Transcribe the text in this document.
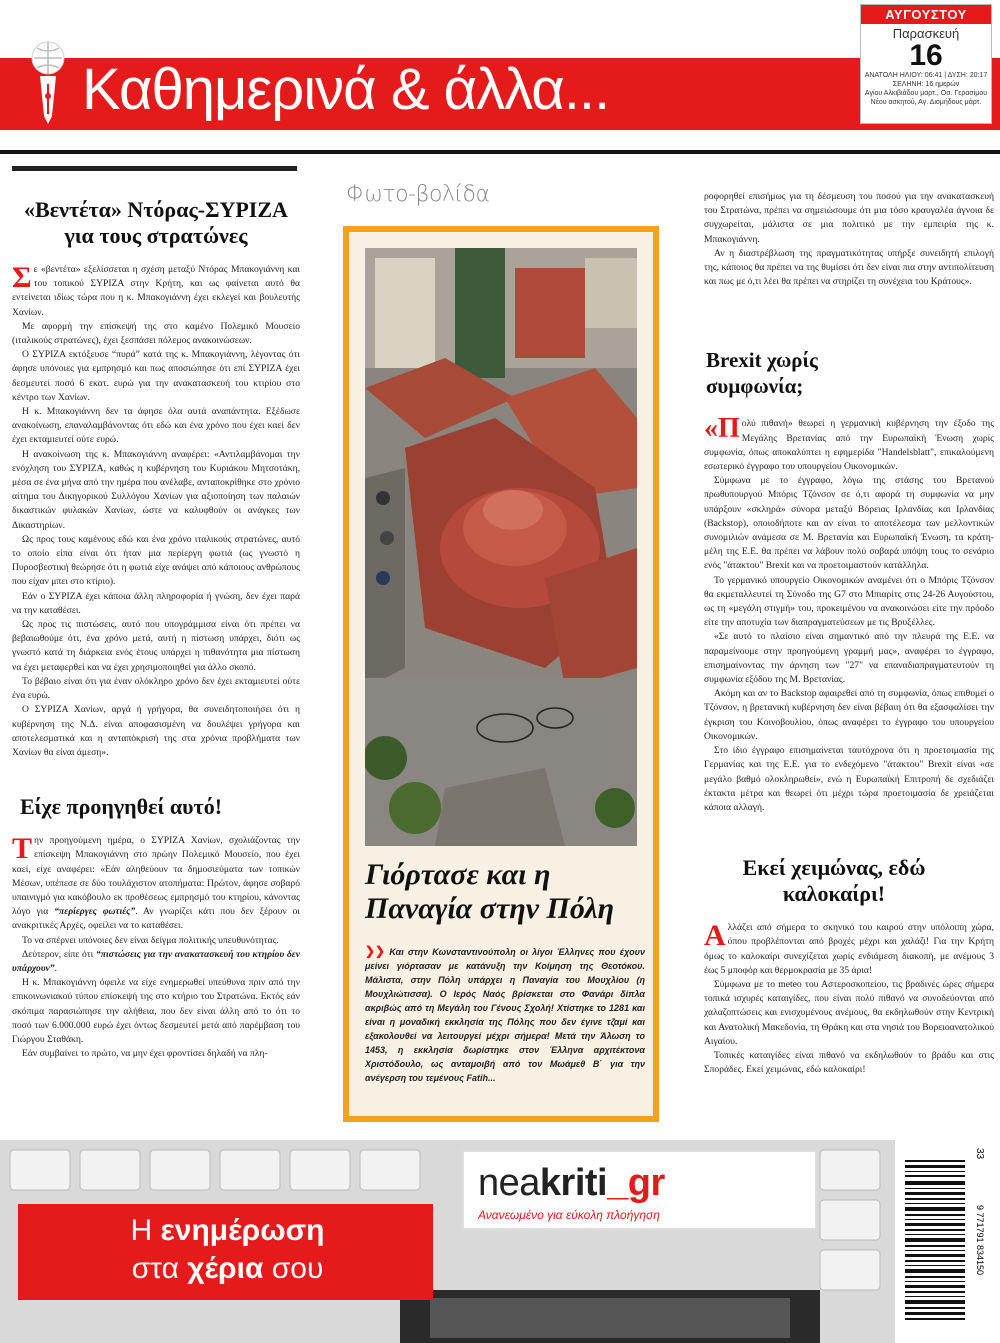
Καθημερινά & άλλα...
ΑΥΓΟΥΣΤΟΥ
Παρασκευή
16
ΑΝΑΤΟΛΗ ΗΛΙΟΥ: 06:41 | ΔΥΣΗ: 20:17
ΣΕΛΗΝΗ: 16 ημερών
Αγίου Αλκιβιάδου μαρτ., Οσ. Γερασίμου Νέου ασκητού, Αγ. Διομήδους μάρτ.
«Βεντέτα» Ντόρας-ΣΥΡΙΖΑ για τους στρατώνες
Σ ε «βεντέτα» εξελίσσεται η σχέση μεταξύ Ντόρας Μπακογιάννη και του τοπικού ΣΥΡΙΖΑ στην Κρήτη, και ως φαίνεται αυτό θα εντείνεται ιδίως τώρα που η κ. Μπακογιάννη έχει εκλεγεί και βουλευτής Χανίων.

Με αφορμή την επίσκεψή της στο καμένο Πολεμικό Μουσείο (ιταλικούς στρατώνες), έχει ξεσπάσει πόλεμος ανακοινώσεων.

Ο ΣΥΡΙΖΑ εκτόξευσε “πυρά” κατά της κ. Μπακογιάννη, λέγοντας ότι άφησε υπόνοιες για εμπρησμό και πως αποσιώπησε ότι επί ΣΥΡΙΖΑ έχει δεσμευτεί ποσό 6 εκατ. ευρώ για την ανακατασκευή του κτιρίου στο κέντρο των Χανίων.

Η κ. Μπακογιάννη δεν τα άφησε όλα αυτά αναπάντητα. Εξέδωσε ανακοίνωση, επαναλαμβάνοντας ότι εδώ και ένα χρόνο που έχει καεί δεν έχει εκταμιευτεί ούτε ευρώ.

Η ανακοίνωση της κ. Μπακογιάννη αναφέρει: «Αντιλαμβάνομαι την ενόχληση του ΣΥΡΙΖΑ, καθώς η κυβέρνηση του Κυριάκου Μητσοτάκη, μέσα σε ένα μήνα από την ημέρα που ανέλαβε, ανταποκρίθηκε στο χρόνιο αίτημα του Δικηγορικού Συλλόγου Χανίων για αξιοποίηση των παλαιών δικαστικών φυλακών Χανίων, ώστε να καλυφθούν οι ανάγκες των Δικαστηρίων.

Ως προς τους καμένους εδώ και ένα χρόνο ιταλικούς στρατώνες, αυτό το οποίο είπα είναι ότι ήταν μια περίεργη φωτιά (ως γνωστό η Πυροσβεστική θεώρησε ότι η φωτιά είχε ανάψει από κάποιους ανθρώπους που είχαν μπει στο κτίριο).

Εάν ο ΣΥΡΙΖΑ έχει κάποια άλλη πληροφορία ή γνώση, δεν έχει παρά να την καταθέσει.

Ως προς τις πιστώσεις, αυτό που υπογράμμισα είναι ότι πρέπει να βεβαιωθούμε ότι, ένα χρόνο μετά, αυτή η πίστωση υπάρχει, διότι ως γνωστό κατά τη διάρκεια ενός έτους υπάρχει η πιθανότητα μια πίστωση να έχει μεταφερθεί και να έχει χρησιμοποιηθεί για άλλο σκοπό.

Το βέβαιο είναι ότι για έναν ολόκληρο χρόνο δεν έχει εκταμιευτεί ούτε ένα ευρώ.

Ο ΣΥΡΙΖΑ Χανίων, αργά ή γρήγορα, θα συνειδητοποιήσει ότι η κυβέρνηση της Ν.Δ. είναι αποφασισμένη να δουλέψει γρήγορα και αποτελεσματικά και η ανταπόκρισή της στα χρόνια προβλήματα των Χανίων θα είναι άμεση».

Είχε προηγηθεί αυτό!
Τ ην προηγούμενη ημέρα, ο ΣΥΡΙΖΑ Χανίων, σχολιάζοντας την επίσκεψη Μπακογιάννη στο πρώην Πολεμικό Μουσείο, που έχει καεί, είχε αναφέρει: «Εάν αληθεύουν τα δημοσιεύματα των τοπικών Μέσων, υπέπεσε σε δύο τουλάχιστον ατοπήματα: Πρώτον, άφησε σοβαρό υπαινιγμό για κακόβουλο εκ προθέσεως εμπρησμό του κτηρίου, κάνοντας λόγο για “περίεργες φωτιές”. Αν γνωρίζει κάτι που δεν ξέρουν οι ανακριτικές Αρχές, οφείλει να το καταθέσει.

Το να σπέρνει υπόνοιες δεν είναι δείγμα πολιτικής υπευθυνότητας.

Δεύτερον, είπε ότι “πιστώσεις για την ανακατασκευή του κτηρίου δεν υπάρχουν”.

Η κ. Μπακογιάννη όφειλε να είχε ενημερωθεί υπεύθυνα πριν από την επικοινωνιακού τύπου επίσκεψή της στο κτήριο του Στρατώνα. Εκτός εάν σκόπιμα παρασιώπησε την αλήθεια, που δεν είναι άλλη από το ότι το ποσό των 6.000.000 ευρώ έχει όντως δεσμευτεί μετά από παρέμβαση του Γιώργου Σταθάκη.

Εάν συμβαίνει το πρώτο, να μην έχει φροντίσει δηλαδή να πλη-

Φωτο-βολίδα
Γιόρτασε και η Παναγία στην Πόλη
❯❯ Και στην Κωνσταντινούπολη οι λίγοι Έλληνες που έχουν μείνει γιόρτασαν με κατάνυξη την Κοίμηση της Θεοτόκου. Μάλιστα, στην Πόλη υπάρχει η Παναγία του Μουχλίου (η Μουχλιώτισσα). Ο Ιερός Ναός βρίσκεται στο Φανάρι δίπλα ακριβώς από τη Μεγάλη του Γένους Σχολή! Χτίστηκε το 1281 και είναι η μοναδική εκκλησία της Πόλης που δεν έγινε τζαμί και εξακολουθεί να λειτουργεί μέχρι σήμερα! Μετά την Άλωση το 1453, η εκκλησία δωρίστηκε στον Έλληνα αρχιτέκτονα Χριστόδουλο, ως ανταμοιβή από τον Μωάμεθ Β΄ για την ανέγερση του τεμένους Fatih...

ροφορηθεί επισήμως για τη δέσμευση του ποσού για την ανακατασκευή του Στρατώνα, πρέπει να σημειώσουμε ότι μια τόσο κραυγαλέα άγνοια δε συγχωρείται, μάλιστα σε μια πολιτικό με την εμπειρία της κ. Μπακογιάννη.

Αν η διαστρέβλωση της πραγματικότητας υπήρξε συνειδητή επιλογή της, κάποιος θα πρέπει να της θυμίσει ότι δεν είναι πια στην αντιπολίτευση και πως με ό,τι λέει θα πρέπει να στηρίζει τη συνέχεια του Κράτους».

Brexit χωρίς συμφωνία;
«Π ολύ πιθανή» θεωρεί η γερμανική κυβέρνηση την έξοδο της Μεγάλης Βρετανίας από την Ευρωπαϊκή Ένωση χωρίς συμφωνία, όπως αποκαλύπτει η εφημερίδα "Handelsblatt", επικαλούμενη εσωτερικό έγγραφο του υπουργείου Οικονομικών.

Σύμφωνα με το έγγραφο, λόγω της στάσης του Βρετανού πρωθυπουργού Μπόρις Τζόνσον σε ό,τι αφορά τη συμφωνία να μην υπάρξουν «σκληρά» σύνορα μεταξύ Βόρειας Ιρλανδίας και Ιρλανδίας (Backstop), οποιοδήποτε και αν είναι το αποτέλεσμα των μελλοντικών συνομιλιών ανάμεσα σε Μ. Βρετανία και Ευρωπαϊκή Ένωση, τα κράτη-μέλη της Ε.Ε. θα πρέπει να λάβουν πολύ σοβαρά υπόψη τους το σενάριο ενός "άτακτου" Brexit και να προετοιμαστούν κατάλληλα.

Το γερμανικό υπουργείο Οικονομικών αναμένει ότι ο Μπόρις Τζόνσον θα εκμεταλλευτεί τη Σύνοδο της G7 στο Μπιαρίτς στις 24-26 Αυγούστου, ως τη «μεγάλη στιγμή» του, προκειμένου να ανακοινώσει είτε την πρόοδο είτε την αποτυχία των διαπραγματεύσεων με τις Βρυξέλλες.

«Σε αυτό το πλαίσιο είναι σημαντικό από την πλευρά της Ε.Ε. να παραμείνουμε στην προηγούμενη γραμμή μας», αναφέρει το έγγραφο, επισημαίνοντας την άρνηση των "27" να επαναδιαπραγματευτούν τη συμφωνία εξόδου της Μ. Βρετανίας.

Ακόμη και αν το Backstop αφαιρεθεί από τη συμφωνία, όπως επιθυμεί ο Τζόνσον, η βρετανική κυβέρνηση δεν είναι βέβαιη ότι θα εξασφαλίσει την έγκριση του Κοινοβουλίου, όπως αναφέρει το έγγραφο του υπουργείου Οικονομικών.

Στο ίδιο έγγραφο επισημαίνεται ταυτόχρονα ότι η προετοιμασία της Γερμανίας και της Ε.Ε. για το ενδεχόμενο "άτακτου" Brexit είναι «σε μεγάλο βαθμό ολοκληρωθεί», ενώ η Ευρωπαϊκή Επιτροπή δε σχεδιάζει έκτακτα μέτρα και θεωρεί ότι μέχρι τώρα προετοιμασία δε χρειάζεται κάποια αλλαγή.

Εκεί χειμώνας, εδώ καλοκαίρι!
Α λλάζει από σήμερα το σκηνικό του καιρού στην υπόλοιπη χώρα, όπου προβλέπονται από βροχές μέχρι και χαλάζι! Για την Κρήτη όμως το καλοκαίρι συνεχίζεται χωρίς ενδιάμεση διακοπή, με ανέμους 3 έως 5 μποφόρ και θερμοκρασία με 35 άρια!

Σύμφωνα με το meteo του Αστεροσκοπείου, τις βραδινές ώρες σήμερα τοπικά ισχυρές καταιγίδες, που είναι πολύ πιθανό να συνοδεύονται από χαλαζοπτώσεις και ενισχυμένους ανέμους, θα εκδηλωθούν στην Κεντρική και Ανατολική Μακεδονία, τη Θράκη και στα νησιά του Βορειοανατολικού Αιγαίου.

Τοπικές καταιγίδες είναι πιθανό να εκδηλωθούν το βράδυ και στις Σποράδες. Εκεί χειμώνας, εδώ καλοκαίρι!

Η ενημέρωση
στα χέρια σου
neakriti_gr
Ανανεωμένο για εύκολη πλοήγηση	9 771791 834150
33
